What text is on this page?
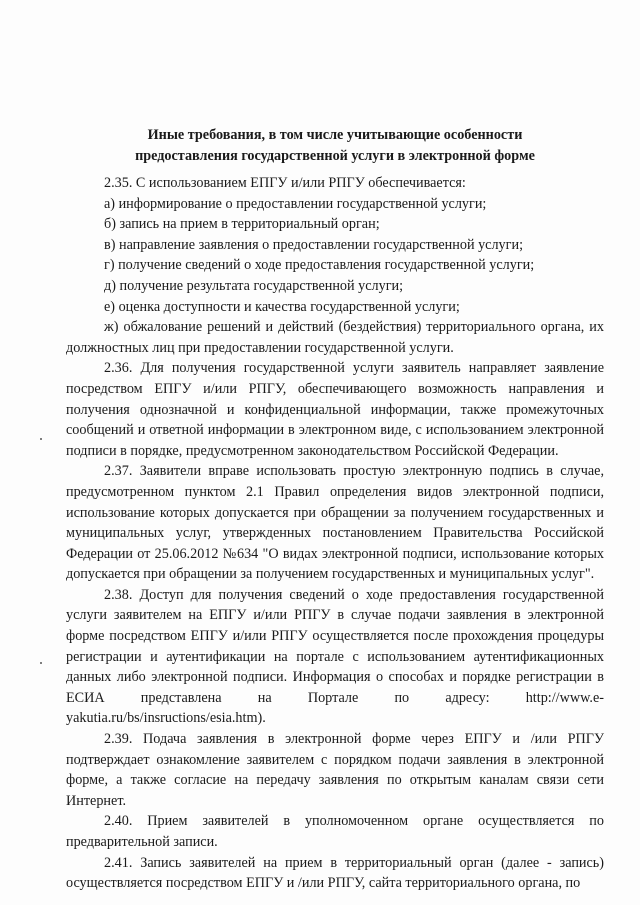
Иные требования, в том числе учитывающие особенности
предоставления государственной услуги в электронной форме

2.35. С использованием ЕПГУ и/или РПГУ обеспечивается:

а) информирование о предоставлении государственной услуги;

б) запись на прием в территориальный орган;

в) направление заявления о предоставлении государственной услуги;

г) получение сведений о ходе предоставления государственной услуги;

д) получение результата государственной услуги;

е) оценка доступности и качества государственной услуги;

ж) обжалование решений и действий (бездействия) территориального органа, их должностных лиц при предоставлении государственной услуги.

2.36. Для получения государственной услуги заявитель направляет заявление посредством ЕПГУ и/или РПГУ, обеспечивающего возможность направления и получения однозначной и конфиденциальной информации, также промежуточных сообщений и ответной информации в электронном виде, с использованием электронной подписи в порядке, предусмотренном законодательством Российской Федерации.

2.37. Заявители вправе использовать простую электронную подпись в случае, предусмотренном пунктом 2.1 Правил определения видов электронной подписи, использование которых допускается при обращении за получением государственных и муниципальных услуг, утвержденных постановлением Правительства Российской Федерации от 25.06.2012 №634 "О видах электронной подписи, использование которых допускается при обращении за получением государственных и муниципальных услуг".

2.38. Доступ для получения сведений о ходе предоставления государственной услуги заявителем на ЕПГУ и/или РПГУ в случае подачи заявления в электронной форме посредством ЕПГУ и/или РПГУ осуществляется после прохождения процедуры регистрации и аутентификации на портале с использованием аутентификационных данных либо электронной подписи. Информация о способах и порядке регистрации в ЕСИА представлена на Портале по адресу: http://www.e-yakutia.ru/bs/insructions/esia.htm).

2.39. Подача заявления в электронной форме через ЕПГУ и /или РПГУ подтверждает ознакомление заявителем с порядком подачи заявления в электронной форме, а также согласие на передачу заявления по открытым каналам связи сети Интернет.

2.40. Прием заявителей в уполномоченном органе осуществляется по предварительной записи.

2.41. Запись заявителей на прием в территориальный орган (далее - запись) осуществляется посредством ЕПГУ и /или РПГУ, сайта территориального органа, по
